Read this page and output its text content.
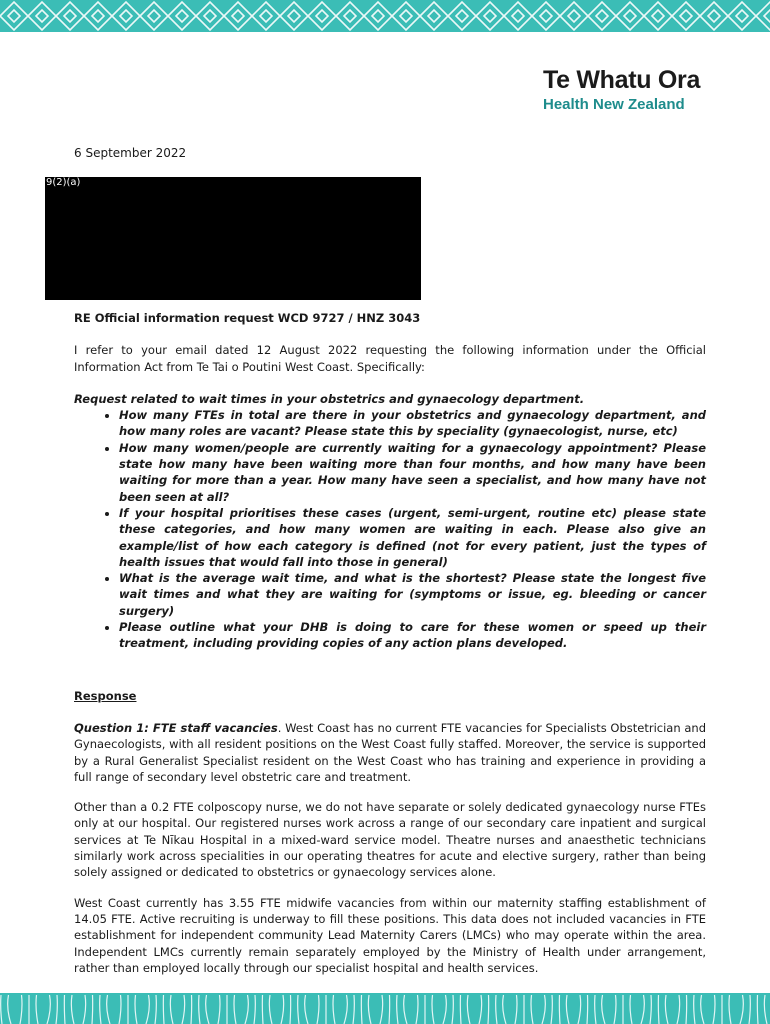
Te Whatu Ora
Health New Zealand
6 September 2022
9(2)(a)

RE Official information request WCD 9727 / HNZ 3043

I refer to your email dated 12 August 2022 requesting the following information under the Official Information Act from Te Tai o Poutini West Coast. Specifically:

Request related to wait times in your obstetrics and gynaecology department.

• How many FTEs in total are there in your obstetrics and gynaecology department, and how many roles are vacant? Please state this by speciality (gynaecologist, nurse, etc)
• How many women/people are currently waiting for a gynaecology appointment? Please state how many have been waiting more than four months, and how many have been waiting for more than a year. How many have seen a specialist, and how many have not been seen at all?
• If your hospital prioritises these cases (urgent, semi-urgent, routine etc) please state these categories, and how many women are waiting in each. Please also give an example/list of how each category is defined (not for every patient, just the types of health issues that would fall into those in general)
• What is the average wait time, and what is the shortest? Please state the longest five wait times and what they are waiting for (symptoms or issue, eg. bleeding or cancer surgery)
• Please outline what your DHB is doing to care for these women or speed up their treatment, including providing copies of any action plans developed.

Response

Question 1: FTE staff vacancies. West Coast has no current FTE vacancies for Specialists Obstetrician and Gynaecologists, with all resident positions on the West Coast fully staffed. Moreover, the service is supported by a Rural Generalist Specialist resident on the West Coast who has training and experience in providing a full range of secondary level obstetric care and treatment.

Other than a 0.2 FTE colposcopy nurse, we do not have separate or solely dedicated gynaecology nurse FTEs only at our hospital. Our registered nurses work across a range of our secondary care inpatient and surgical services at Te Nīkau Hospital in a mixed-ward service model. Theatre nurses and anaesthetic technicians similarly work across specialities in our operating theatres for acute and elective surgery, rather than being solely assigned or dedicated to obstetrics or gynaecology services alone.

West Coast currently has 3.55 FTE midwife vacancies from within our maternity staffing establishment of 14.05 FTE. Active recruiting is underway to fill these positions. This data does not included vacancies in FTE establishment for independent community Lead Maternity Carers (LMCs) who may operate within the area. Independent LMCs currently remain separately employed by the Ministry of Health under arrangement, rather than employed locally through our specialist hospital and health services.
